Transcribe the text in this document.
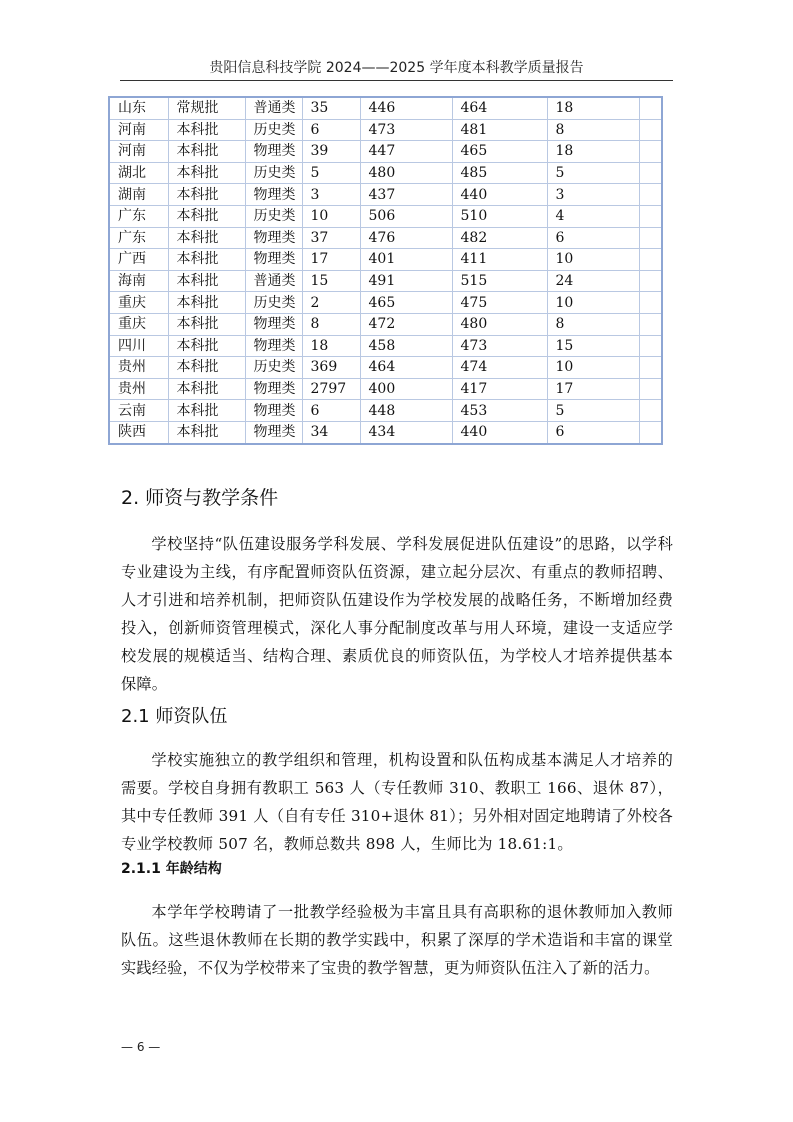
贵阳信息科技学院 2024——2025 学年度本科教学质量报告
山东	常规批	普通类	35	446	464	18	
河南	本科批	历史类	6	473	481	8	
河南	本科批	物理类	39	447	465	18	
湖北	本科批	历史类	5	480	485	5	
湖南	本科批	物理类	3	437	440	3	
广东	本科批	历史类	10	506	510	4	
广东	本科批	物理类	37	476	482	6	
广西	本科批	物理类	17	401	411	10	
海南	本科批	普通类	15	491	515	24	
重庆	本科批	历史类	2	465	475	10	
重庆	本科批	物理类	8	472	480	8	
四川	本科批	物理类	18	458	473	15	
贵州	本科批	历史类	369	464	474	10	
贵州	本科批	物理类	2797	400	417	17	
云南	本科批	物理类	6	448	453	5	
陕西	本科批	物理类	34	434	440	6	
2. 师资与教学条件

学校坚持“队伍建设服务学科发展、学科发展促进队伍建设”的思路，以学科专业建设为主线，有序配置师资队伍资源，建立起分层次、有重点的教师招聘、人才引进和培养机制，把师资队伍建设作为学校发展的战略任务，不断增加经费投入，创新师资管理模式，深化人事分配制度改革与用人环境，建设一支适应学校发展的规模适当、结构合理、素质优良的师资队伍，为学校人才培养提供基本保障。

2.1 师资队伍

学校实施独立的教学组织和管理，机构设置和队伍构成基本满足人才培养的需要。学校自身拥有教职工 563 人（专任教师 310、教职工 166、退休 87），其中专任教师 391 人（自有专任 310+退休 81）；另外相对固定地聘请了外校各专业学校教师 507 名，教师总数共 898 人，生师比为 18.61:1。

2.1.1 年龄结构

本学年学校聘请了一批教学经验极为丰富且具有高职称的退休教师加入教师队伍。这些退休教师在长期的教学实践中，积累了深厚的学术造诣和丰富的课堂实践经验，不仅为学校带来了宝贵的教学智慧，更为师资队伍注入了新的活力。

— 6 —
